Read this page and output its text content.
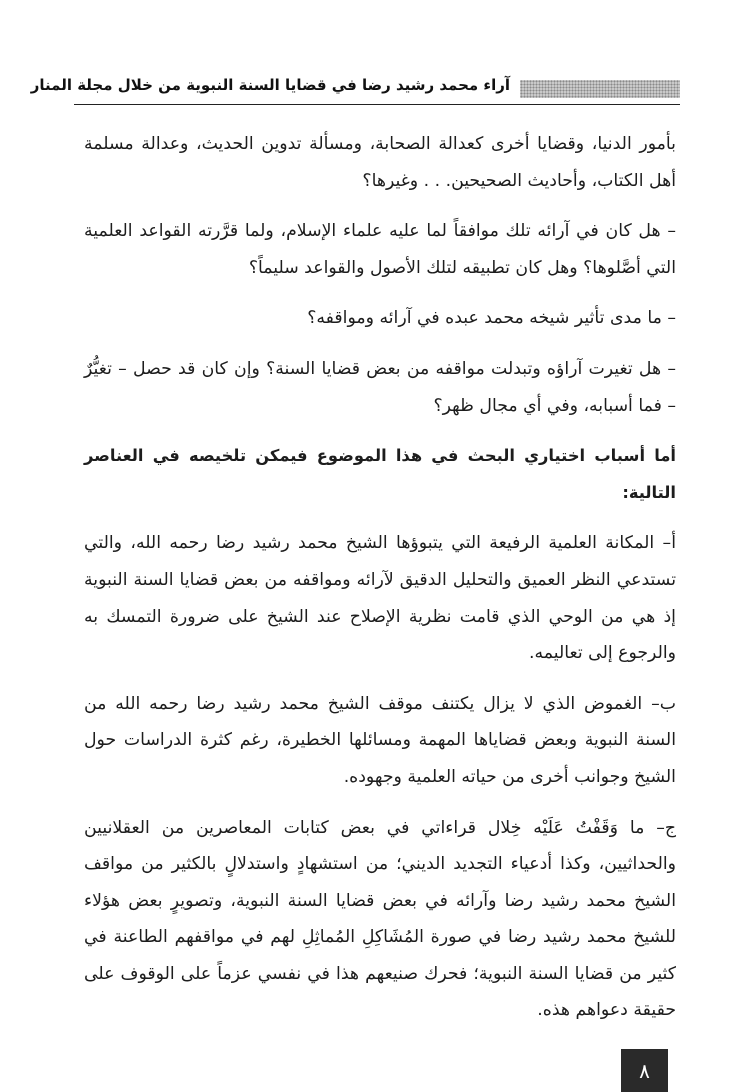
آراء محمد رشيد رضا في قضايا السنة النبوية من خلال مجلة المنار

بأمور الدنيا، وقضايا أخرى كعدالة الصحابة، ومسألة تدوين الحديث، وعدالة مسلمة أهل الكتاب، وأحاديث الصحيحين. . . وغيرها؟

– هل كان في آرائه تلك موافقاً لما عليه علماء الإسلام، ولما قرَّرته القواعد العلمية التي أصَّلوها؟ وهل كان تطبيقه لتلك الأصول والقواعد سليماً؟

– ما مدى تأثير شيخه محمد عبده في آرائه ومواقفه؟

– هل تغيرت آراؤه وتبدلت مواقفه من بعض قضايا السنة؟ وإن كان قد حصل – تغيُّرٌ – فما أسبابه، وفي أي مجال ظهر؟

أما أسباب اختياري البحث في هذا الموضوع فيمكن تلخيصه في العناصر التالية:

أ– المكانة العلمية الرفيعة التي يتبوؤها الشيخ محمد رشيد رضا رحمه الله، والتي تستدعي النظر العميق والتحليل الدقيق لآرائه ومواقفه من بعض قضايا السنة النبوية إذ هي من الوحي الذي قامت نظرية الإصلاح عند الشيخ على ضرورة التمسك به والرجوع إلى تعاليمه.

ب– الغموض الذي لا يزال يكتنف موقف الشيخ محمد رشيد رضا رحمه الله من السنة النبوية وبعض قضاياها المهمة ومسائلها الخطيرة، رغم كثرة الدراسات حول الشيخ وجوانب أخرى من حياته العلمية وجهوده.

ج– ما وَقَفْتُ عَلَيْه خِلال قراءاتي في بعض كتابات المعاصرين من العقلانيين والحداثيين، وكذا أدعياء التجديد الديني؛ من استشهادٍ واستدلالٍ بالكثير من مواقف الشيخ محمد رشيد رضا وآرائه في بعض قضايا السنة النبوية، وتصويرٍ بعض هؤلاء للشيخ محمد رشيد رضا في صورة المُشَاكِلِ المُماثِلِ لهم في مواقفهم الطاعنة في كثير من قضايا السنة النبوية؛ فحرك صنيعهم هذا في نفسي عزماً على الوقوف على حقيقة دعواهم هذه.

٨
